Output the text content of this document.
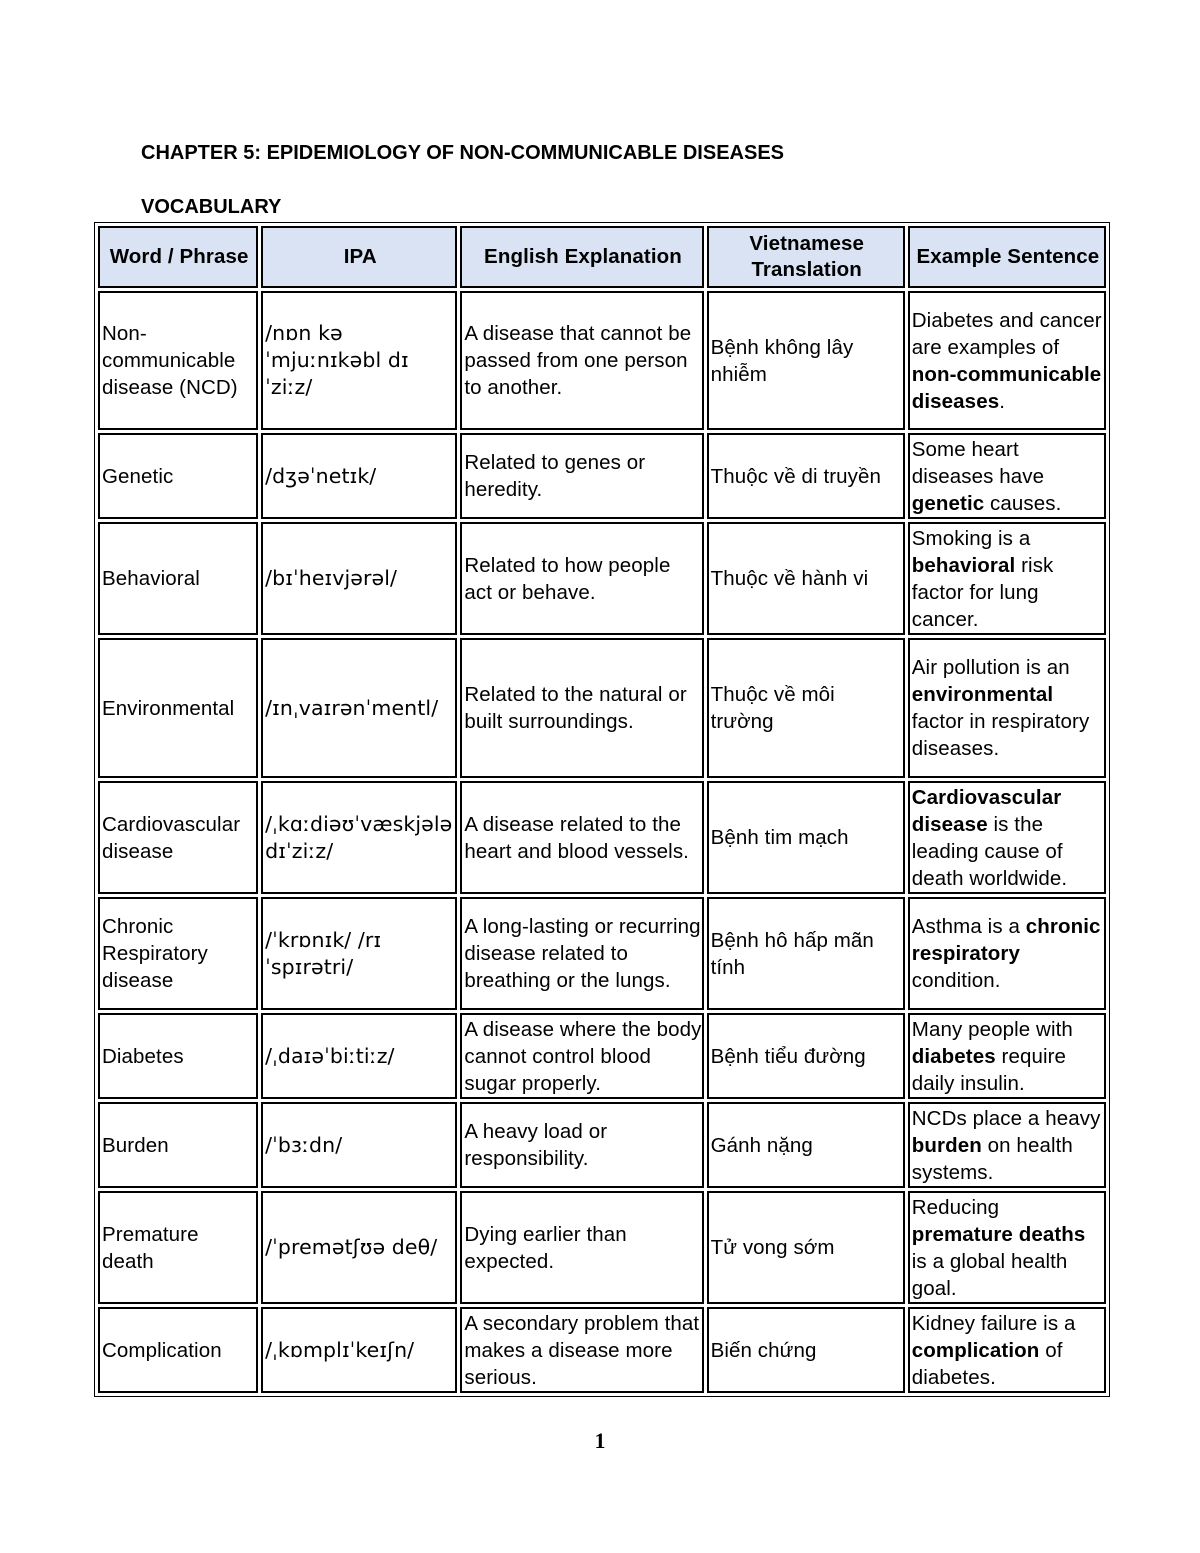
CHAPTER 5: EPIDEMIOLOGY OF NON-COMMUNICABLE DISEASES
VOCABULARY
Word / Phrase	IPA	English Explanation	Vietnamese Translation	Example Sentence
Non-communicable disease (NCD)	/nɒn kəˈmjuːnɪkəbl dɪˈziːz/	A disease that cannot be passed from one person to another.	Bệnh không lây nhiễm	Diabetes and cancer are examples of non-communicable diseases.
Genetic	/dʒəˈnetɪk/	Related to genes or heredity.	Thuộc về di truyền	Some heart diseases have genetic causes.
Behavioral	/bɪˈheɪvjərəl/	Related to how people act or behave.	Thuộc về hành vi	Smoking is a behavioral risk factor for lung cancer.
Environmental	/ɪnˌvaɪrənˈmentl/	Related to the natural or built surroundings.	Thuộc về môi trường	Air pollution is an environmental factor in respiratory diseases.
Cardiovascular disease	/ˌkɑːdiəʊˈvæskjələ dɪˈziːz/	A disease related to the heart and blood vessels.	Bệnh tim mạch	Cardiovascular disease is the leading cause of death worldwide.
Chronic Respiratory disease	/ˈkrɒnɪk/ /rɪˈspɪrətri/	A long-lasting or recurring disease related to breathing or the lungs.	Bệnh hô hấp mãn tính	Asthma is a chronic respiratory condition.
Diabetes	/ˌdaɪəˈbiːtiːz/	A disease where the body cannot control blood sugar properly.	Bệnh tiểu đường	Many people with diabetes require daily insulin.
Burden	/ˈbɜːdn/	A heavy load or responsibility.	Gánh nặng	NCDs place a heavy burden on health systems.
Premature death	/ˈpremətʃʊə deθ/	Dying earlier than expected.	Tử vong sớm	Reducing premature deaths is a global health goal.
Complication	/ˌkɒmplɪˈkeɪʃn/	A secondary problem that makes a disease more serious.	Biến chứng	Kidney failure is a complication of diabetes.
1
